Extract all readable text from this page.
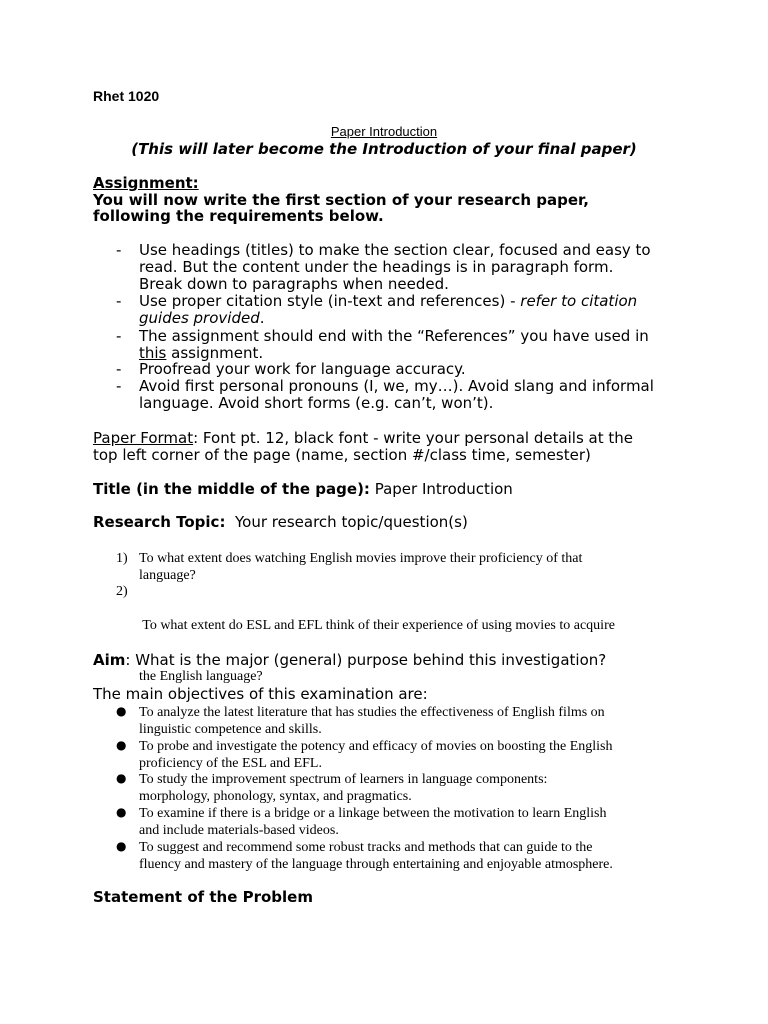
Rhet 1020
Paper Introduction
(This will later become the Introduction of your final paper)
Assignment:
You will now write the first section of your research paper,
following the requirements below.
- Use headings (titles) to make the section clear, focused and easy to
read. But the content under the headings is in paragraph form.
Break down to paragraphs when needed.
- Use proper citation style (in-text and references) - refer to citation
guides provided.
- The assignment should end with the “References” you have used in
this assignment.
- Proofread your work for language accuracy.
- Avoid first personal pronouns (I, we, my…). Avoid slang and informal
language. Avoid short forms (e.g. can’t, won’t).
Paper Format: Font pt. 12, black font - write your personal details at the
top left corner of the page (name, section #/class time, semester)
Title (in the middle of the page): Paper Introduction
Research Topic:  Your research topic/question(s)
1) To what extent does watching English movies improve their proficiency of that
language?
2)

To what extent do ESL and EFL think of their experience of using movies to acquire

the English language?

Aim: What is the major (general) purpose behind this investigation?
The main objectives of this examination are:
● To analyze the latest literature that has studies the effectiveness of English films on
linguistic competence and skills.
● To probe and investigate the potency and efficacy of movies on boosting the English
proficiency of the ESL and EFL.
● To study the improvement spectrum of learners in language components:
morphology, phonology, syntax, and pragmatics.
● To examine if there is a bridge or a linkage between the motivation to learn English
and include materials-based videos.
● To suggest and recommend some robust tracks and methods that can guide to the
fluency and mastery of the language through entertaining and enjoyable atmosphere.
Statement of the Problem
